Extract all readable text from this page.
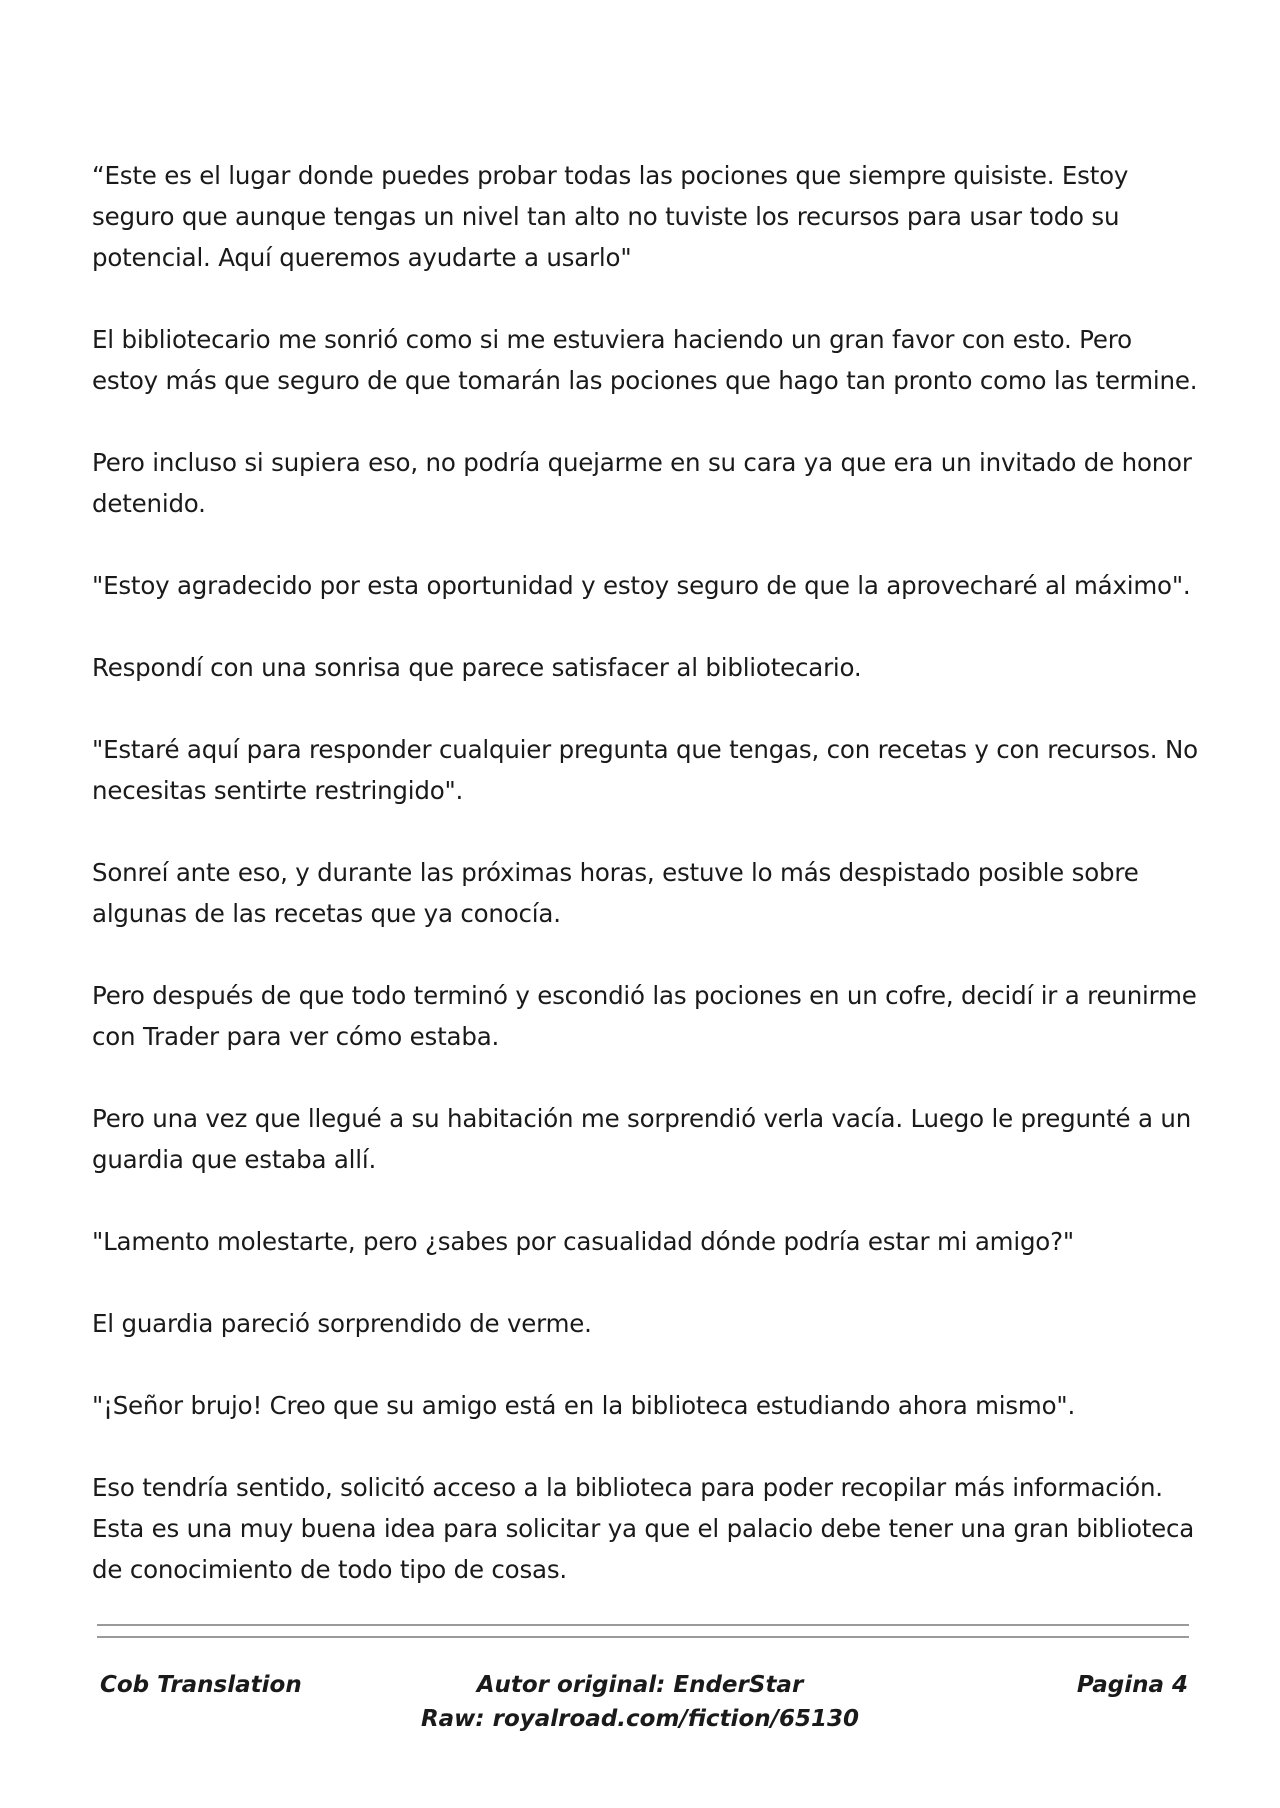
“Este es el lugar donde puedes probar todas las pociones que siempre quisiste. Estoy seguro que aunque tengas un nivel tan alto no tuviste los recursos para usar todo su potencial. Aquí queremos ayudarte a usarlo"

El bibliotecario me sonrió como si me estuviera haciendo un gran favor con esto. Pero estoy más que seguro de que tomarán las pociones que hago tan pronto como las termine.

Pero incluso si supiera eso, no podría quejarme en su cara ya que era un invitado de honor detenido.

"Estoy agradecido por esta oportunidad y estoy seguro de que la aprovecharé al máximo".

Respondí con una sonrisa que parece satisfacer al bibliotecario.

"Estaré aquí para responder cualquier pregunta que tengas, con recetas y con recursos. No necesitas sentirte restringido".

Sonreí ante eso, y durante las próximas horas, estuve lo más despistado posible sobre algunas de las recetas que ya conocía.

Pero después de que todo terminó y escondió las pociones en un cofre, decidí ir a reunirme con Trader para ver cómo estaba.

Pero una vez que llegué a su habitación me sorprendió verla vacía. Luego le pregunté a un guardia que estaba allí.

"Lamento molestarte, pero ¿sabes por casualidad dónde podría estar mi amigo?"

El guardia pareció sorprendido de verme.

"¡Señor brujo! Creo que su amigo está en la biblioteca estudiando ahora mismo".

Eso tendría sentido, solicitó acceso a la biblioteca para poder recopilar más información. Esta es una muy buena idea para solicitar ya que el palacio debe tener una gran biblioteca de conocimiento de todo tipo de cosas.

Cob Translation	Autor original: EnderStar
Raw: royalroad.com/fiction/65130
Pagina 4
